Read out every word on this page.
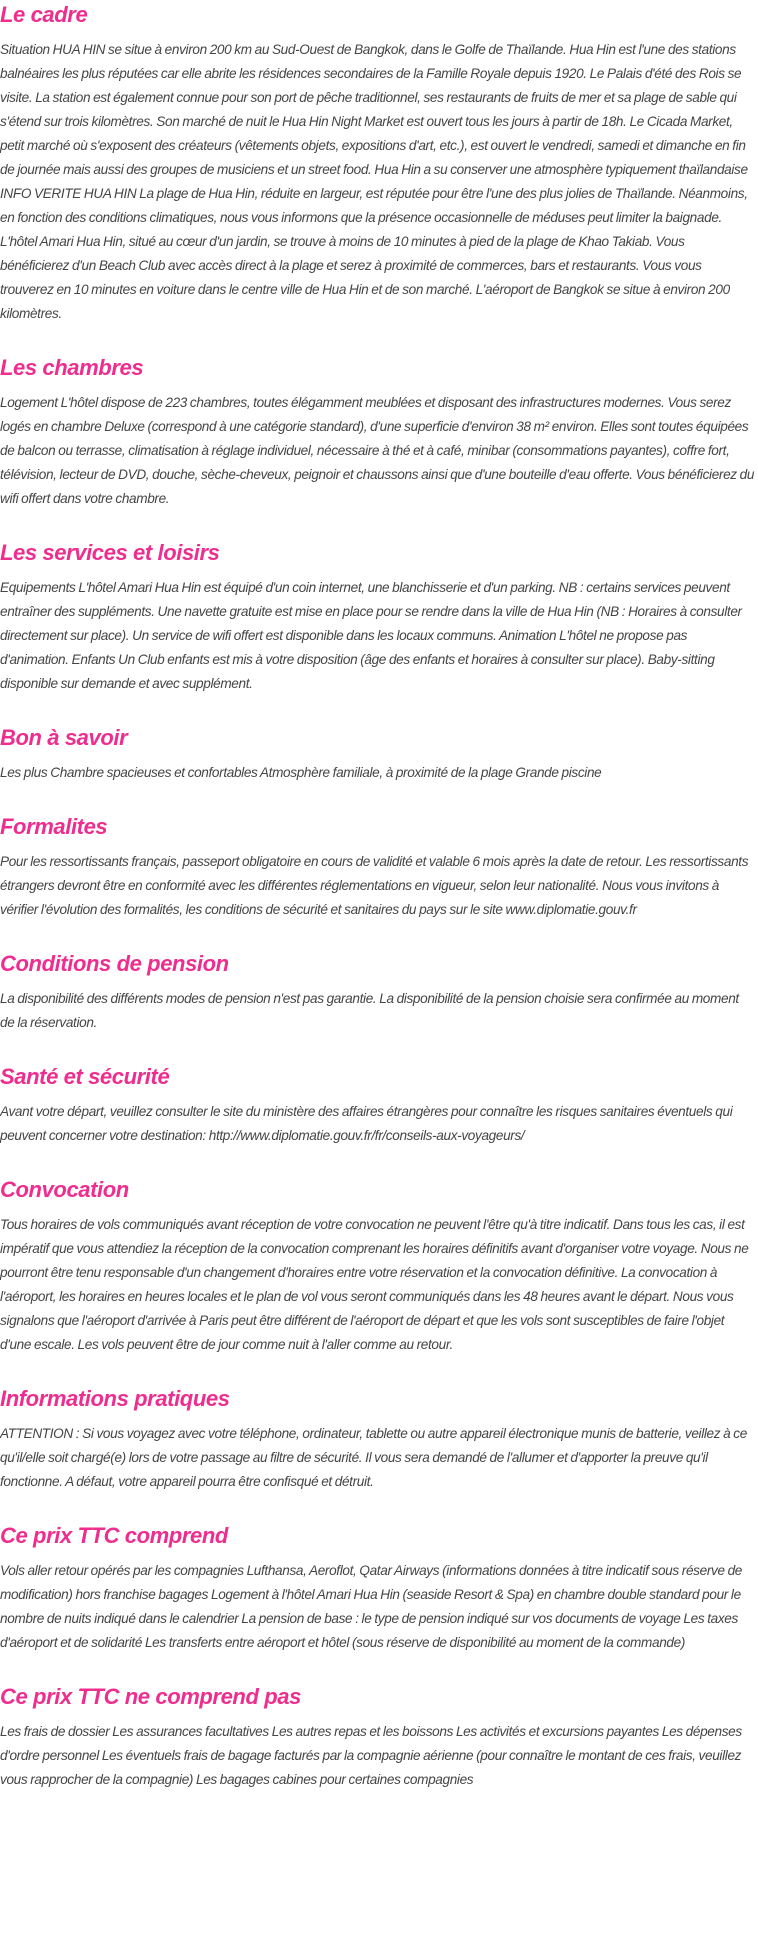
Le cadre

Situation HUA HIN se situe à environ 200 km au Sud-Ouest de Bangkok, dans le Golfe de Thaïlande. Hua Hin est l'une des stations balnéaires les plus réputées car elle abrite les résidences secondaires de la Famille Royale depuis 1920. Le Palais d'été des Rois se visite. La station est également connue pour son port de pêche traditionnel, ses restaurants de fruits de mer et sa plage de sable qui s'étend sur trois kilomètres. Son marché de nuit le Hua Hin Night Market est ouvert tous les jours à partir de 18h. Le Cicada Market, petit marché où s'exposent des créateurs (vêtements objets, expositions d'art, etc.), est ouvert le vendredi, samedi et dimanche en fin de journée mais aussi des groupes de musiciens et un street food. Hua Hin a su conserver une atmosphère typiquement thaïlandaise INFO VERITE HUA HIN La plage de Hua Hin, réduite en largeur, est réputée pour être l'une des plus jolies de Thaïlande. Néanmoins, en fonction des conditions climatiques, nous vous informons que la présence occasionnelle de méduses peut limiter la baignade. L'hôtel Amari Hua Hin, situé au cœur d'un jardin, se trouve à moins de 10 minutes à pied de la plage de Khao Takiab. Vous bénéficierez d'un Beach Club avec accès direct à la plage et serez à proximité de commerces, bars et restaurants. Vous vous trouverez en 10 minutes en voiture dans le centre ville de Hua Hin et de son marché. L'aéroport de Bangkok se situe à environ 200 kilomètres.

Les chambres

Logement L'hôtel dispose de 223 chambres, toutes élégamment meublées et disposant des infrastructures modernes. Vous serez logés en chambre Deluxe (correspond à une catégorie standard), d'une superficie d'environ 38 m² environ. Elles sont toutes équipées de balcon ou terrasse, climatisation à réglage individuel, nécessaire à thé et à café, minibar (consommations payantes), coffre fort, télévision, lecteur de DVD, douche, sèche-cheveux, peignoir et chaussons ainsi que d'une bouteille d'eau offerte. Vous bénéficierez du wifi offert dans votre chambre.

Les services et loisirs

Equipements L'hôtel Amari Hua Hin est équipé d'un coin internet, une blanchisserie et d'un parking. NB : certains services peuvent entraîner des suppléments. Une navette gratuite est mise en place pour se rendre dans la ville de Hua Hin (NB : Horaires à consulter directement sur place). Un service de wifi offert est disponible dans les locaux communs. Animation L'hôtel ne propose pas d'animation. Enfants Un Club enfants est mis à votre disposition (âge des enfants et horaires à consulter sur place). Baby-sitting disponible sur demande et avec supplément.

Bon à savoir

Les plus Chambre spacieuses et confortables Atmosphère familiale, à proximité de la plage Grande piscine

Formalites

Pour les ressortissants français, passeport obligatoire en cours de validité et valable 6 mois après la date de retour. Les ressortissants étrangers devront être en conformité avec les différentes réglementations en vigueur, selon leur nationalité. Nous vous invitons à vérifier l'évolution des formalités, les conditions de sécurité et sanitaires du pays sur le site www.diplomatie.gouv.fr

Conditions de pension

La disponibilité des différents modes de pension n'est pas garantie. La disponibilité de la pension choisie sera confirmée au moment de la réservation.

Santé et sécurité

Avant votre départ, veuillez consulter le site du ministère des affaires étrangères pour connaître les risques sanitaires éventuels qui peuvent concerner votre destination: http://www.diplomatie.gouv.fr/fr/conseils-aux-voyageurs/

Convocation

Tous horaires de vols communiqués avant réception de votre convocation ne peuvent l'être qu'à titre indicatif. Dans tous les cas, il est impératif que vous attendiez la réception de la convocation comprenant les horaires définitifs avant d'organiser votre voyage. Nous ne pourront être tenu responsable d'un changement d'horaires entre votre réservation et la convocation définitive. La convocation à l'aéroport, les horaires en heures locales et le plan de vol vous seront communiqués dans les 48 heures avant le départ. Nous vous signalons que l'aéroport d'arrivée à Paris peut être différent de l'aéroport de départ et que les vols sont susceptibles de faire l'objet d'une escale. Les vols peuvent être de jour comme nuit à l'aller comme au retour.

Informations pratiques

ATTENTION : Si vous voyagez avec votre téléphone, ordinateur, tablette ou autre appareil électronique munis de batterie, veillez à ce qu'il/elle soit chargé(e) lors de votre passage au filtre de sécurité. Il vous sera demandé de l'allumer et d'apporter la preuve qu'il fonctionne. A défaut, votre appareil pourra être confisqué et détruit.

Ce prix TTC comprend

Vols aller retour opérés par les compagnies Lufthansa, Aeroflot, Qatar Airways (informations données à titre indicatif sous réserve de modification) hors franchise bagages Logement à l'hôtel Amari Hua Hin (seaside Resort & Spa) en chambre double standard pour le nombre de nuits indiqué dans le calendrier La pension de base : le type de pension indiqué sur vos documents de voyage Les taxes d'aéroport et de solidarité Les transferts entre aéroport et hôtel (sous réserve de disponibilité au moment de la commande)

Ce prix TTC ne comprend pas

Les frais de dossier Les assurances facultatives Les autres repas et les boissons Les activités et excursions payantes Les dépenses d'ordre personnel Les éventuels frais de bagage facturés par la compagnie aérienne (pour connaître le montant de ces frais, veuillez vous rapprocher de la compagnie) Les bagages cabines pour certaines compagnies
